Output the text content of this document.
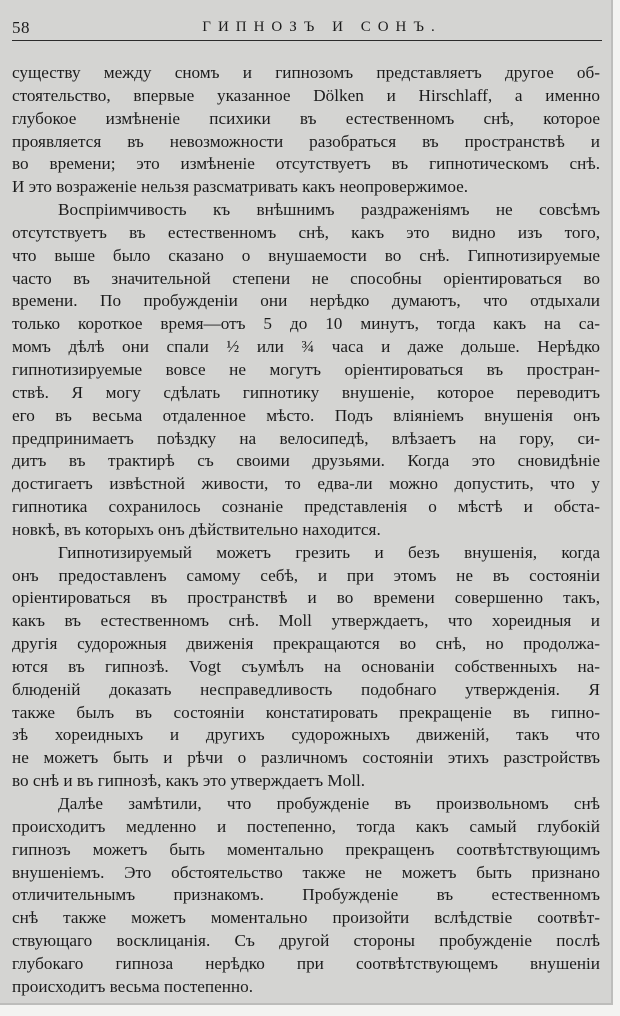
58	ГИПНОЗЪ И СОНЪ.
существу между сномъ и гипнозомъ представляетъ другое об-
стоятельство, впервые указанное Dölken и Hirschlaff, а именно
глубокое измѣненіе психики въ естественномъ снѣ, которое
проявляется въ невозможности разобраться въ пространствѣ и
во времени; это измѣненіе отсутствуетъ въ гипнотическомъ снѣ.
И это возраженіе нельзя разсматривать какъ неопровержимое.
Воспріимчивость къ внѣшнимъ раздраженіямъ не совсѣмъ
отсутствуетъ въ естественномъ снѣ, какъ это видно изъ того,
что выше было сказано о внушаемости во снѣ. Гипнотизируемые
часто въ значительной степени не способны оріентироваться во
времени. По пробужденіи они нерѣдко думаютъ, что отдыхали
только короткое время—отъ 5 до 10 минутъ, тогда какъ на са-
момъ дѣлѣ они спали ½ или ¾ часа и даже дольше. Нерѣдко
гипнотизируемые вовсе не могутъ оріентироваться въ простран-
ствѣ. Я могу сдѣлать гипнотику внушеніе, которое переводитъ
его въ весьма отдаленное мѣсто. Подъ вліяніемъ внушенія онъ
предпринимаетъ поѣздку на велосипедѣ, влѣзаетъ на гору, си-
дитъ въ трактирѣ съ своими друзьями. Когда это сновидѣніе
достигаетъ извѣстной живости, то едва-ли можно допустить, что у
гипнотика сохранилось сознаніе представленія о мѣстѣ и обста-
новкѣ, въ которыхъ онъ дѣйствительно находится.
Гипнотизируемый можетъ грезить и безъ внушенія, когда
онъ предоставленъ самому себѣ, и при этомъ не въ состояніи
оріентироваться въ пространствѣ и во времени совершенно такъ,
какъ въ естественномъ снѣ. Moll утверждаетъ, что хореидныя и
другія судорожныя движенія прекращаются во снѣ, но продолжа-
ются въ гипнозѣ. Vogt съумѣлъ на основаніи собственныхъ на-
блюденій доказать несправедливость подобнаго утвержденія. Я
также былъ въ состояніи констатировать прекращеніе въ гипно-
зѣ хореидныхъ и другихъ судорожныхъ движеній, такъ что
не можетъ быть и рѣчи о различномъ состояніи этихъ разстройствъ
во снѣ и въ гипнозѣ, какъ это утверждаетъ Moll.
Далѣе замѣтили, что пробужденіе въ произвольномъ снѣ
происходитъ медленно и постепенно, тогда какъ самый глубокій
гипнозъ можетъ быть моментально прекращенъ соотвѣтствующимъ
внушеніемъ. Это обстоятельство также не можетъ быть признано
отличительнымъ признакомъ. Пробужденіе въ естественномъ
снѣ также можетъ моментально произойти вслѣдствіе соотвѣт-
ствующаго восклицанія. Съ другой стороны пробужденіе послѣ
глубокаго гипноза нерѣдко при соотвѣтствующемъ внушеніи
происходитъ весьма постепенно.
